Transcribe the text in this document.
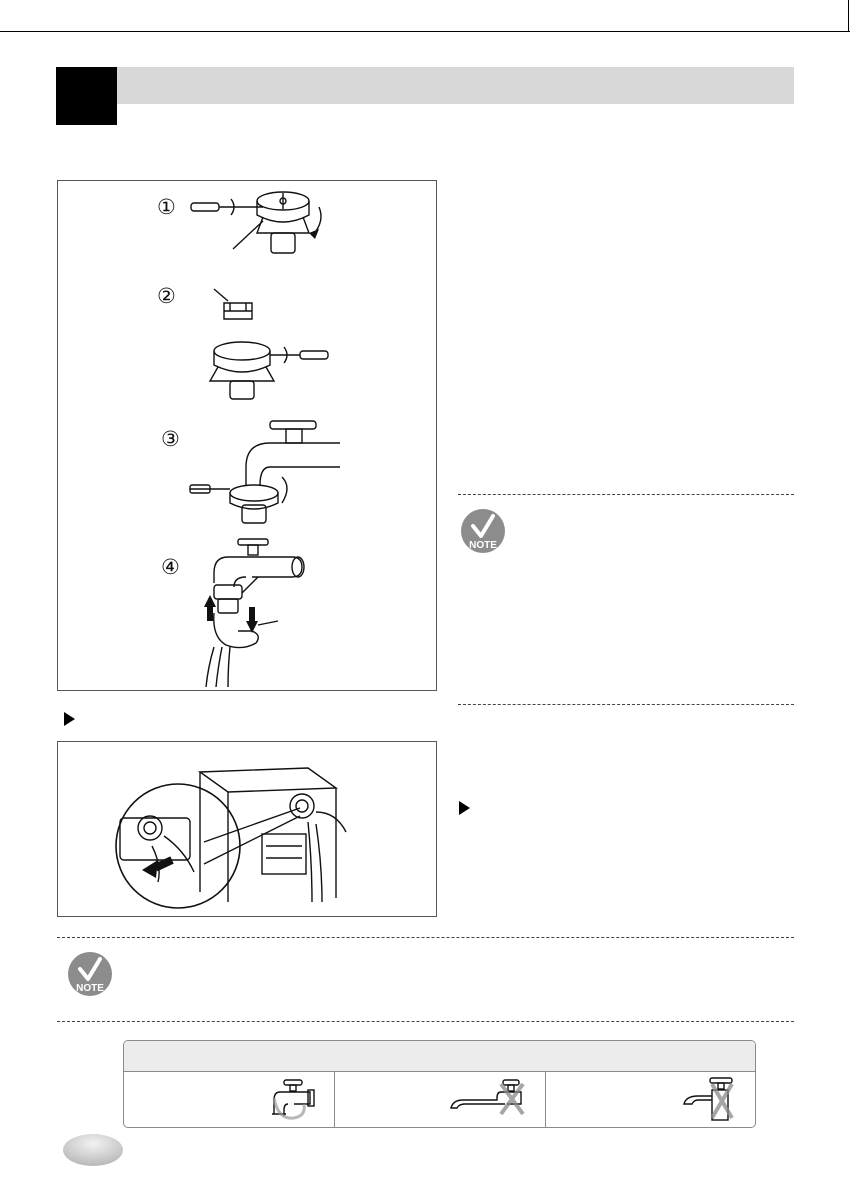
①
②
③
④
NOTE
NOTE
